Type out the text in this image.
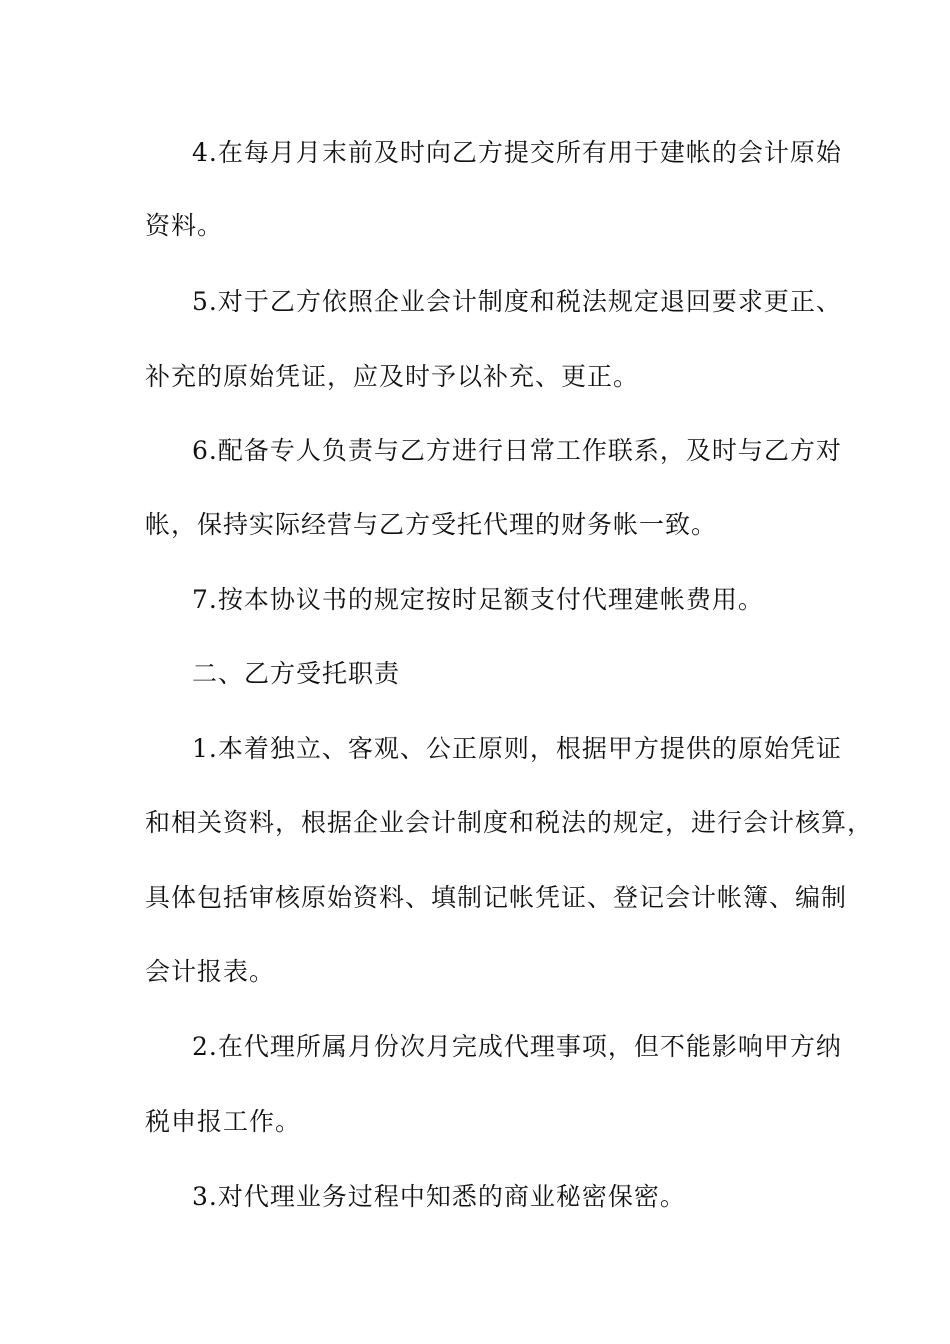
4.在每月月末前及时向乙方提交所有用于建帐的会计原始
资料。
5.对于乙方依照企业会计制度和税法规定退回要求更正、
补充的原始凭证，应及时予以补充、更正。
6.配备专人负责与乙方进行日常工作联系，及时与乙方对
帐，保持实际经营与乙方受托代理的财务帐一致。
7.按本协议书的规定按时足额支付代理建帐费用。
二、乙方受托职责
1.本着独立、客观、公正原则，根据甲方提供的原始凭证
和相关资料，根据企业会计制度和税法的规定，进行会计核算，
具体包括审核原始资料、填制记帐凭证、登记会计帐簿、编制
会计报表。
2.在代理所属月份次月完成代理事项，但不能影响甲方纳
税申报工作。
3.对代理业务过程中知悉的商业秘密保密。
